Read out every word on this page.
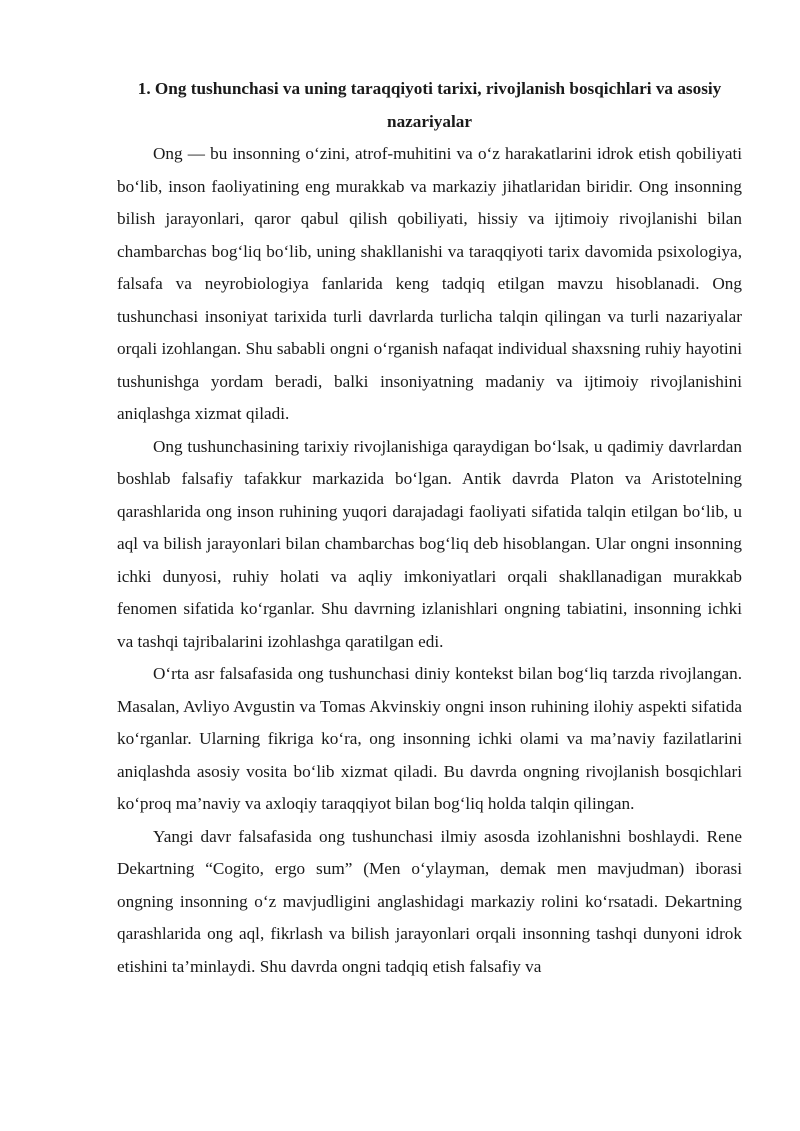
1. Ong tushunchasi va uning taraqqiyoti tarixi, rivojlanish bosqichlari va asosiy nazariyalar

Ong — bu insonning o‘zini, atrof-muhitini va o‘z harakatlarini idrok etish qobiliyati bo‘lib, inson faoliyatining eng murakkab va markaziy jihatlaridan biridir. Ong insonning bilish jarayonlari, qaror qabul qilish qobiliyati, hissiy va ijtimoiy rivojlanishi bilan chambarchas bog‘liq bo‘lib, uning shakllanishi va taraqqiyoti tarix davomida psixologiya, falsafa va neyrobiologiya fanlarida keng tadqiq etilgan mavzu hisoblanadi. Ong tushunchasi insoniyat tarixida turli davrlarda turlicha talqin qilingan va turli nazariyalar orqali izohlangan. Shu sababli ongni o‘rganish nafaqat individual shaxsning ruhiy hayotini tushunishga yordam beradi, balki insoniyatning madaniy va ijtimoiy rivojlanishini aniqlashga xizmat qiladi.

Ong tushunchasining tarixiy rivojlanishiga qaraydigan bo‘lsak, u qadimiy davrlardan boshlab falsafiy tafakkur markazida bo‘lgan. Antik davrda Platon va Aristotelning qarashlarida ong inson ruhining yuqori darajadagi faoliyati sifatida talqin etilgan bo‘lib, u aql va bilish jarayonlari bilan chambarchas bog‘liq deb hisoblangan. Ular ongni insonning ichki dunyosi, ruhiy holati va aqliy imkoniyatlari orqali shakllanadigan murakkab fenomen sifatida ko‘rganlar. Shu davrning izlanishlari ongning tabiatini, insonning ichki va tashqi tajribalarini izohlashga qaratilgan edi.

O‘rta asr falsafasida ong tushunchasi diniy kontekst bilan bog‘liq tarzda rivojlangan. Masalan, Avliyo Avgustin va Tomas Akvinskiy ongni inson ruhining ilohiy aspekti sifatida ko‘rganlar. Ularning fikriga ko‘ra, ong insonning ichki olami va ma’naviy fazilatlarini aniqlashda asosiy vosita bo‘lib xizmat qiladi. Bu davrda ongning rivojlanish bosqichlari ko‘proq ma’naviy va axloqiy taraqqiyot bilan bog‘liq holda talqin qilingan.

Yangi davr falsafasida ong tushunchasi ilmiy asosda izohlanishni boshlaydi. Rene Dekartning “Cogito, ergo sum” (Men o‘ylayman, demak men mavjudman) iborasi ongning insonning o‘z mavjudligini anglashidagi markaziy rolini ko‘rsatadi. Dekartning qarashlarida ong aql, fikrlash va bilish jarayonlari orqali insonning tashqi dunyoni idrok etishini ta’minlaydi. Shu davrda ongni tadqiq etish falsafiy va
